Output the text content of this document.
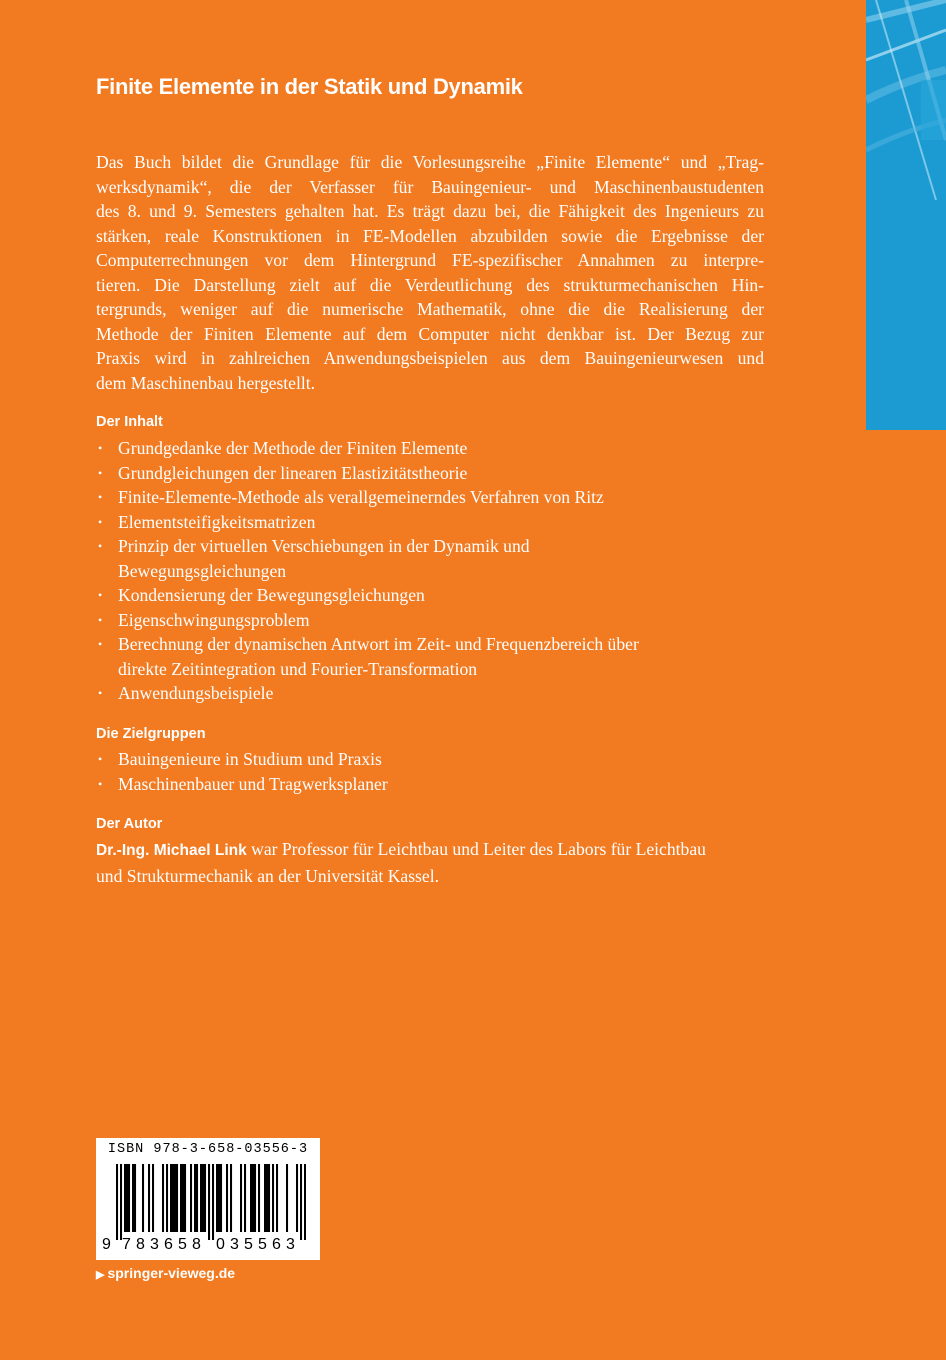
Finite Elemente in der Statik und Dynamik
Das Buch bildet die Grundlage für die Vorlesungsreihe „Finite Elemente“ und „Trag-
werksdynamik“, die der Verfasser für Bauingenieur- und Maschinenbaustudenten
des 8. und 9. Semesters gehalten hat. Es trägt dazu bei, die Fähigkeit des Ingenieurs zu
stärken, reale Konstruktionen in FE-Modellen abzubilden sowie die Ergebnisse der
Computerrechnungen vor dem Hintergrund FE-spezifischer Annahmen zu interpre-
tieren. Die Darstellung zielt auf die Verdeutlichung des strukturmechanischen Hin-
tergrunds, weniger auf die numerische Mathematik, ohne die die Realisierung der
Methode der Finiten Elemente auf dem Computer nicht denkbar ist. Der Bezug zur
Praxis wird in zahlreichen Anwendungsbeispielen aus dem Bauingenieurwesen und
dem Maschinenbau hergestellt.
Der Inhalt
• Grundgedanke der Methode der Finiten Elemente
• Grundgleichungen der linearen Elastizitätstheorie
• Finite-Elemente-Methode als verallgemeinerndes Verfahren von Ritz
• Elementsteifigkeitsmatrizen
• Prinzip der virtuellen Verschiebungen in der Dynamik und
Bewegungsgleichungen
• Kondensierung der Bewegungsgleichungen
• Eigenschwingungsproblem
• Berechnung der dynamischen Antwort im Zeit- und Frequenzbereich über
direkte Zeitintegration und Fourier-Transformation
• Anwendungsbeispiele
Die Zielgruppen
• Bauingenieure in Studium und Praxis
• Maschinenbauer und Tragwerksplaner
Der Autor

Dr.-Ing. Michael Link war Professor für Leichtbau und Leiter des Labors für Leichtbau
und Strukturmechanik an der Universität Kassel.

ISBN 978-3-658-03556-3
9 7 8 3 6 5 8 0 3 5 5 6 3
▶ springer-vieweg.de
